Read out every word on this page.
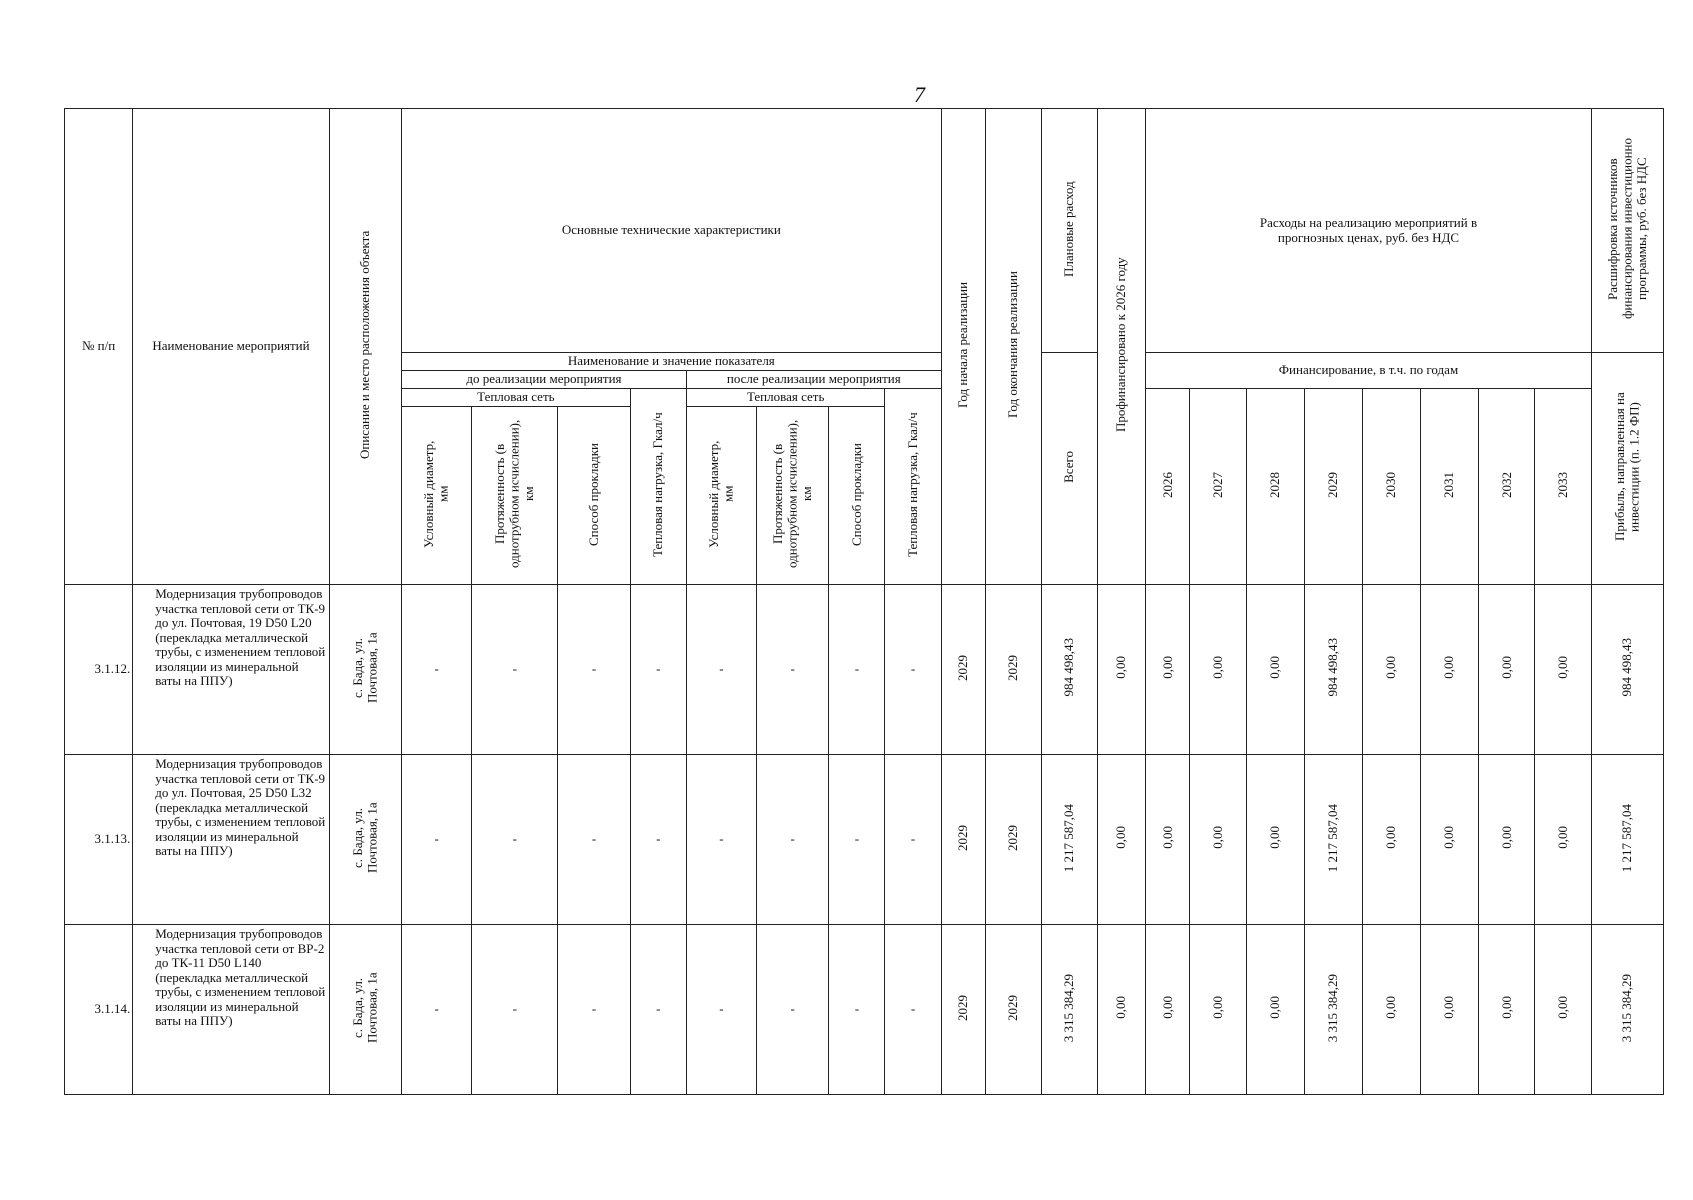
7
№ п/п	Наименование мероприятий	Описание и место расположения объекта	Основные технические характеристики								Год начала реализации	Год окончания реализации	Плановые расход	Профинансировано к 2026 году	Расходы на реализацию мероприятий в прогнозных ценах, руб. без НДС								Расшифровка источников финансирования инвестиционно программы, руб. без НДС
			Наименование и значение показателя										Всего		Финансирование, в т.ч. по годам								Прибыль, направленная на инвестиции (п. 1.2 ФП)
			до реализации мероприятия				после реализации мероприятия																
			Тепловая сеть			Тепловая нагрузка, Гкал/ч	Тепловая сеть			Тепловая нагрузка, Гкал/ч					2026	2027	2028	2029	2030	2031	2032	2033	
			Условный диаметр, мм	Протяженность (в однотрубном исчислении), км	Способ прокладки		Условный диаметр, мм	Протяженность (в однотрубном исчислении), км	Способ прокладки														
3.1.12.	Модернизация трубопроводов участка тепловой сети от ТК-9 до ул. Почтовая, 19 D50 L20 (перекладка металлической трубы, с изменением тепловой изоляции из минеральной ваты на ППУ)	с. Бада, ул. Почтовая, 1а	-	-	-	-	-	-	-	-	2029	2029	984 498,43	0,00	0,00	0,00	0,00	984 498,43	0,00	0,00	0,00	0,00	984 498,43
3.1.13.	Модернизация трубопроводов участка тепловой сети от ТК-9 до ул. Почтовая, 25 D50 L32 (перекладка металлической трубы, с изменением тепловой изоляции из минеральной ваты на ППУ)	с. Бада, ул. Почтовая, 1а	-	-	-	-	-	-	-	-	2029	2029	1 217 587,04	0,00	0,00	0,00	0,00	1 217 587,04	0,00	0,00	0,00	0,00	1 217 587,04
3.1.14.	Модернизация трубопроводов участка тепловой сети от ВР-2 до ТК-11 D50 L140 (перекладка металлической трубы, с изменением тепловой изоляции из минеральной ваты на ППУ)	с. Бада, ул. Почтовая, 1а	-	-	-	-	-	-	-	-	2029	2029	3 315 384,29	0,00	0,00	0,00	0,00	3 315 384,29	0,00	0,00	0,00	0,00	3 315 384,29
